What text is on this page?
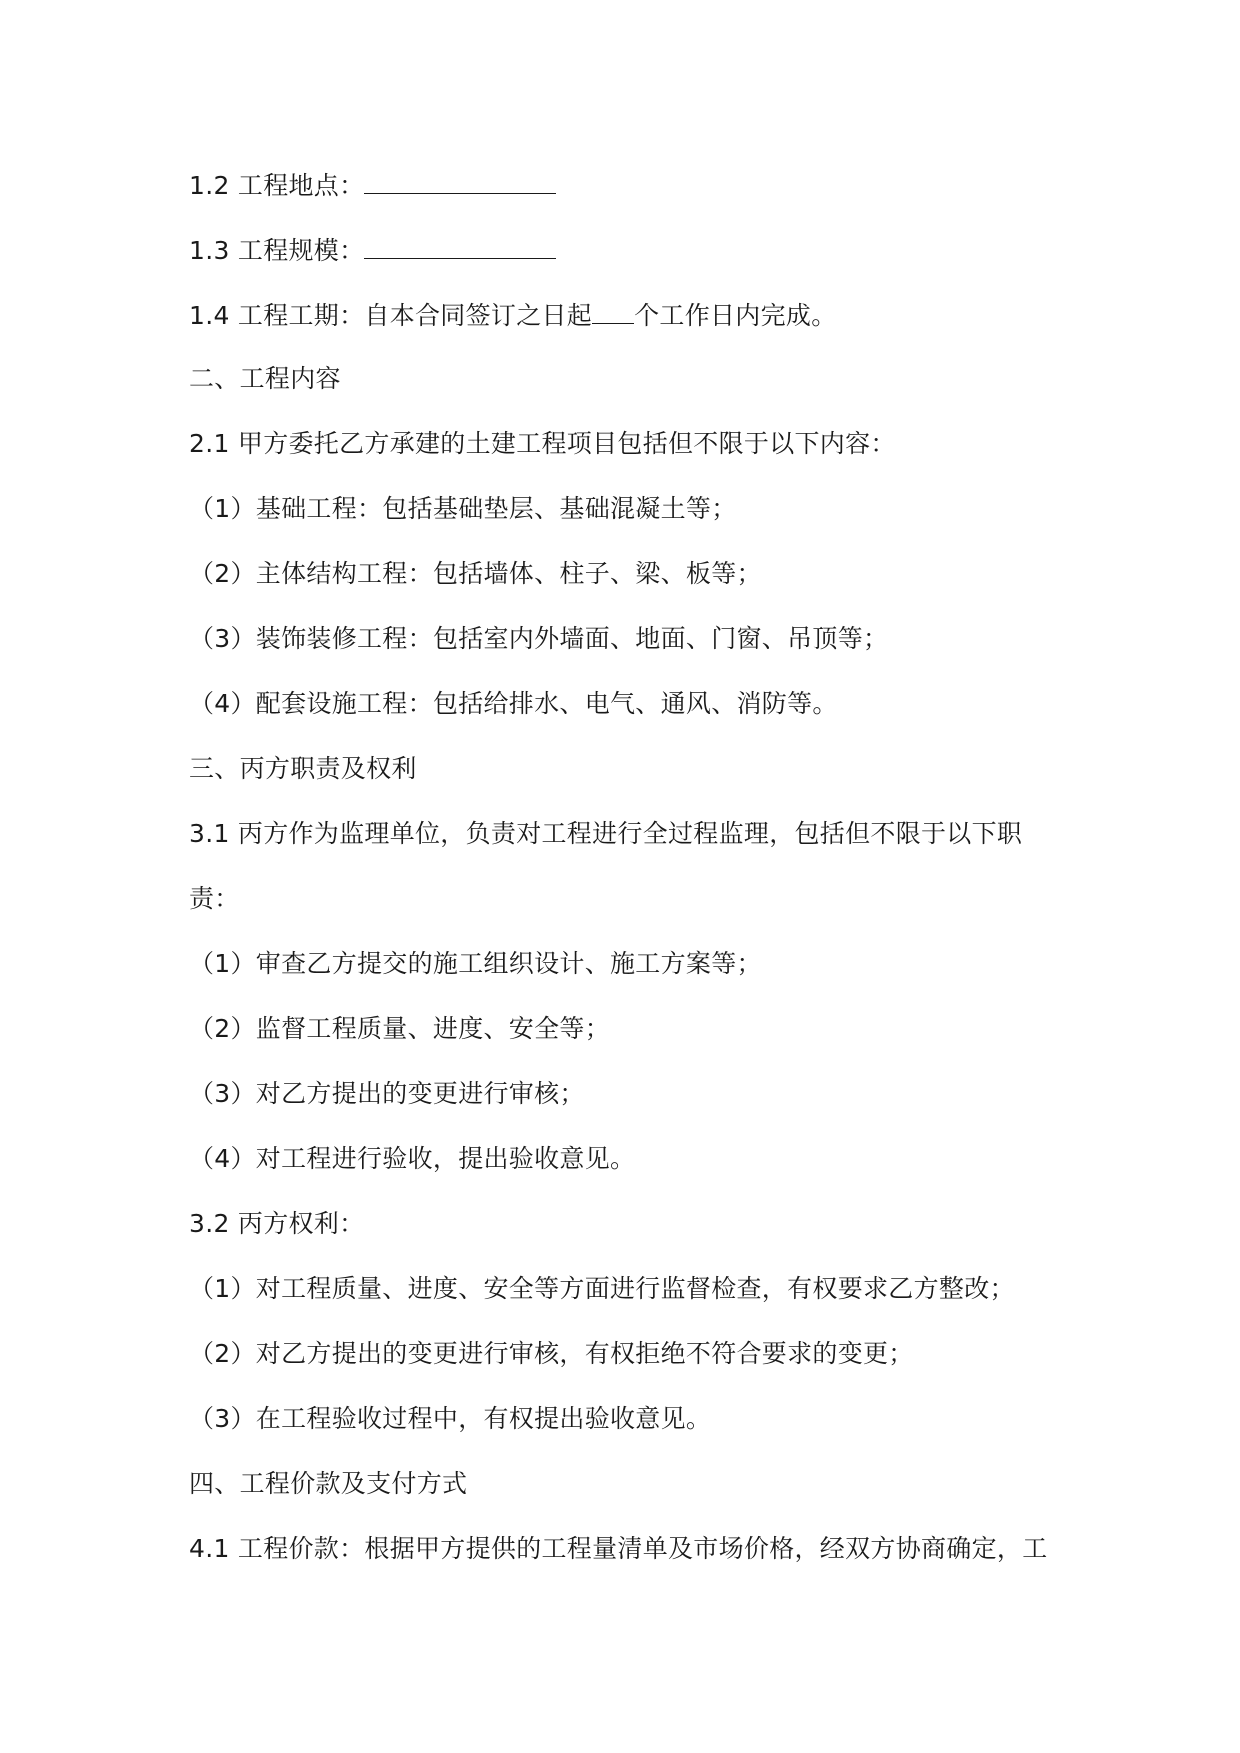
1.2 工程地点：
1.3 工程规模：
1.4 工程工期：自本合同签订之日起 个工作日内完成。
二、工程内容
2.1 甲方委托乙方承建的土建工程项目包括但不限于以下内容：
（1）基础工程：包括基础垫层、基础混凝土等；
（2）主体结构工程：包括墙体、柱子、梁、板等；
（3）装饰装修工程：包括室内外墙面、地面、门窗、吊顶等；
（4）配套设施工程：包括给排水、电气、通风、消防等。
三、丙方职责及权利
3.1 丙方作为监理单位，负责对工程进行全过程监理，包括但不限于以下职
责：
（1）审查乙方提交的施工组织设计、施工方案等；
（2）监督工程质量、进度、安全等；
（3）对乙方提出的变更进行审核；
（4）对工程进行验收，提出验收意见。
3.2 丙方权利：
（1）对工程质量、进度、安全等方面进行监督检查，有权要求乙方整改；
（2）对乙方提出的变更进行审核，有权拒绝不符合要求的变更；
（3）在工程验收过程中，有权提出验收意见。
四、工程价款及支付方式
4.1 工程价款：根据甲方提供的工程量清单及市场价格，经双方协商确定，工
